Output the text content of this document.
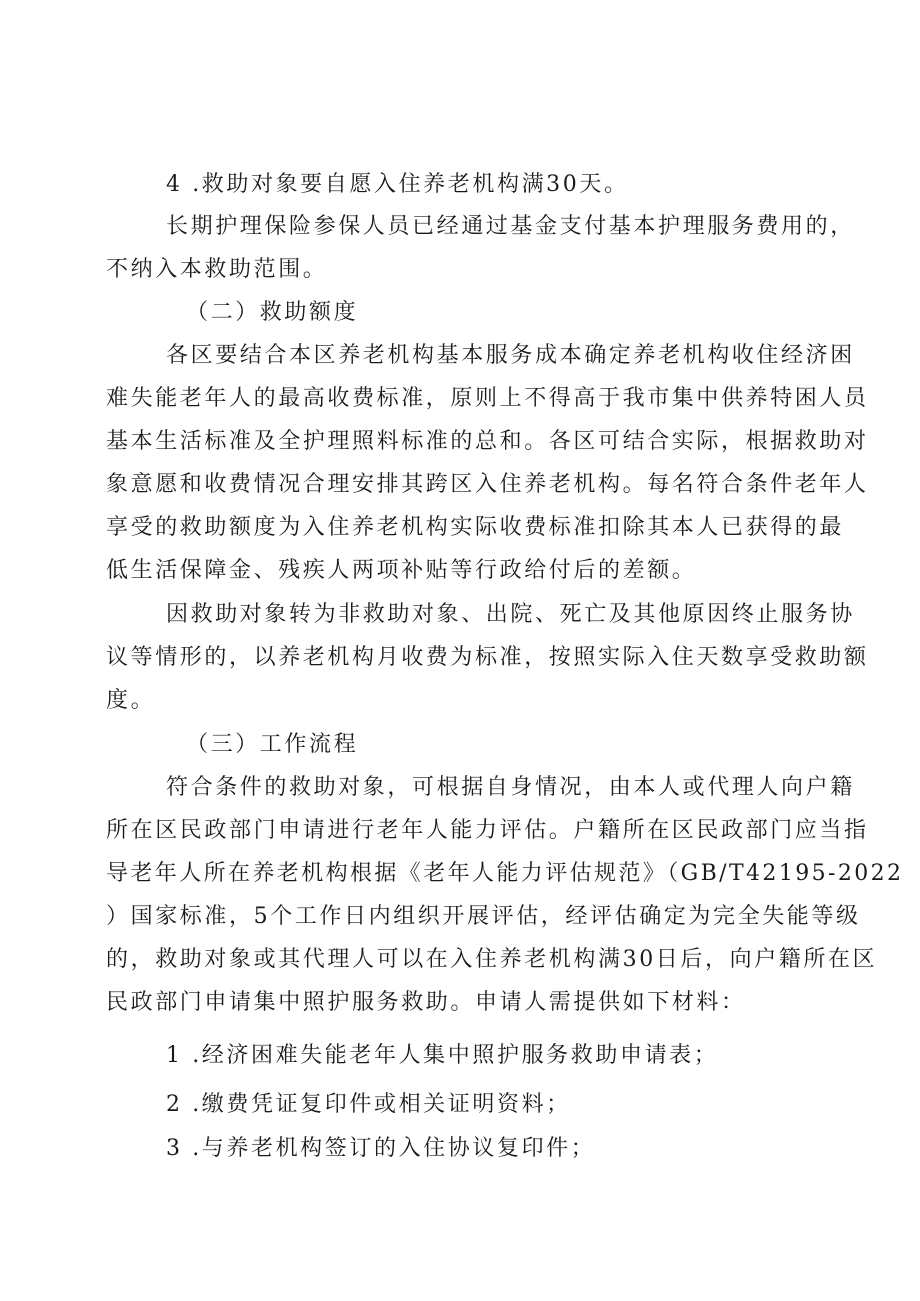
4 .救助对象要自愿入住养老机构满30天。

长期护理保险参保人员已经通过基金支付基本护理服务费用的，

不纳入本救助范围。

（二）救助额度

各区要结合本区养老机构基本服务成本确定养老机构收住经济困

难失能老年人的最高收费标准，原则上不得高于我市集中供养特困人员

基本生活标准及全护理照料标准的总和。各区可结合实际，根据救助对

象意愿和收费情况合理安排其跨区入住养老机构。每名符合条件老年人

享受的救助额度为入住养老机构实际收费标准扣除其本人已获得的最

低生活保障金、残疾人两项补贴等行政给付后的差额。

因救助对象转为非救助对象、出院、死亡及其他原因终止服务协

议等情形的，以养老机构月收费为标准，按照实际入住天数享受救助额

度。

（三）工作流程

符合条件的救助对象，可根据自身情况，由本人或代理人向户籍

所在区民政部门申请进行老年人能力评估。户籍所在区民政部门应当指

导老年人所在养老机构根据《老年人能力评估规范》（GB/T42195-2022

）国家标准，5个工作日内组织开展评估，经评估确定为完全失能等级

的，救助对象或其代理人可以在入住养老机构满30日后，向户籍所在区

民政部门申请集中照护服务救助。申请人需提供如下材料：

1 .经济困难失能老年人集中照护服务救助申请表；

2 .缴费凭证复印件或相关证明资料；

3 .与养老机构签订的入住协议复印件；
